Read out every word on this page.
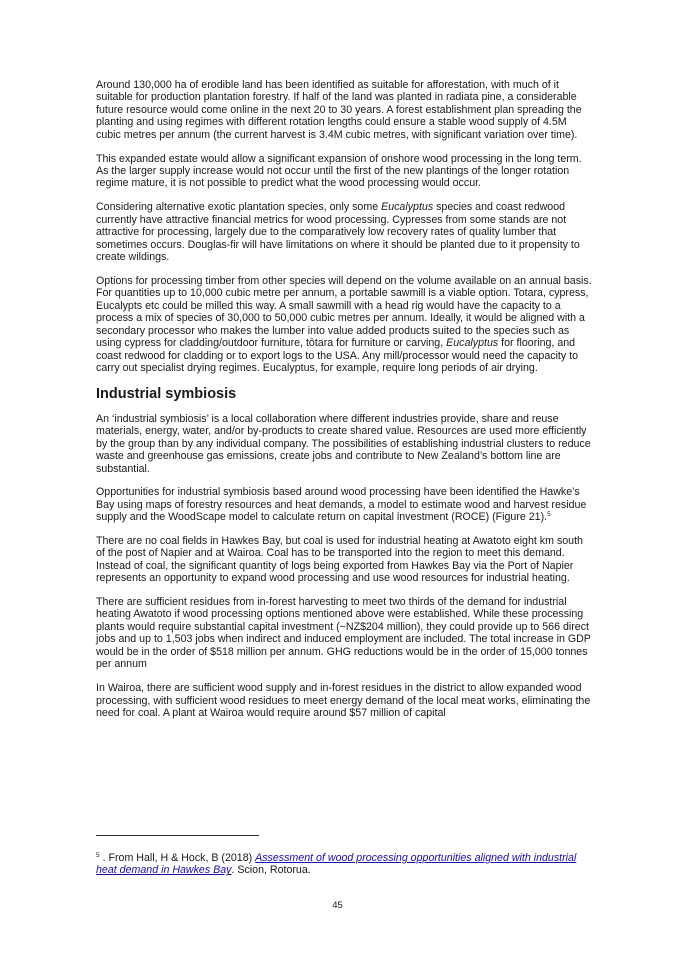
Around 130,000 ha of erodible land has been identified as suitable for afforestation, with much of it suitable for production plantation forestry. If half of the land was planted in radiata pine, a considerable future resource would come online in the next 20 to 30 years. A forest establishment plan spreading the planting and using regimes with different rotation lengths could ensure a stable wood supply of 4.5M cubic metres per annum (the current harvest is 3.4M cubic metres, with significant variation over time).

This expanded estate would allow a significant expansion of onshore wood processing in the long term. As the larger supply increase would not occur until the first of the new plantings of the longer rotation regime mature, it is not possible to predict what the wood processing would occur.

Considering alternative exotic plantation species, only some Eucalyptus species and coast redwood currently have attractive financial metrics for wood processing. Cypresses from some stands are not attractive for processing, largely due to the comparatively low recovery rates of quality lumber that sometimes occurs. Douglas-fir will have limitations on where it should be planted due to it propensity to create wildings.

Options for processing timber from other species will depend on the volume available on an annual basis. For quantities up to 10,000 cubic metre per annum, a portable sawmill is a viable option. Totara, cypress, Eucalypts etc could be milled this way. A small sawmill with a head rig would have the capacity to a process a mix of species of 30,000 to 50,000 cubic metres per annum. Ideally, it would be aligned with a secondary processor who makes the lumber into value added products suited to the species such as using cypress for cladding/outdoor furniture, tōtara for furniture or carving, Eucalyptus for flooring, and coast redwood for cladding or to export logs to the USA. Any mill/processor would need the capacity to carry out specialist drying regimes. Eucalyptus, for example, require long periods of air drying.

Industrial symbiosis

An ‘industrial symbiosis’ is a local collaboration where different industries provide, share and reuse materials, energy, water, and/or by-products to create shared value. Resources are used more efficiently by the group than by any individual company. The possibilities of establishing industrial clusters to reduce waste and greenhouse gas emissions, create jobs and contribute to New Zealand’s bottom line are substantial.

Opportunities for industrial symbiosis based around wood processing have been identified the Hawke’s Bay using maps of forestry resources and heat demands, a model to estimate wood and harvest residue supply and the WoodScape model to calculate return on capital investment (ROCE) (Figure 21).$^5$

There are no coal fields in Hawkes Bay, but coal is used for industrial heating at Awatoto eight km south of the post of Napier and at Wairoa. Coal has to be transported into the region to meet this demand. Instead of coal, the significant quantity of logs being exported from Hawkes Bay via the Port of Napier represents an opportunity to expand wood processing and use wood resources for industrial heating.

There are sufficient residues from in-forest harvesting to meet two thirds of the demand for industrial heating Awatoto if wood processing options mentioned above were established. While these processing plants would require substantial capital investment (~NZ$204 million), they could provide up to 566 direct jobs and up to 1,503 jobs when indirect and induced employment are included. The total increase in GDP would be in the order of $518 million per annum. GHG reductions would be in the order of 15,000 tonnes per annum

In Wairoa, there are sufficient wood supply and in-forest residues in the district to allow expanded wood processing, with sufficient wood residues to meet energy demand of the local meat works, eliminating the need for coal. A plant at Wairoa would require around $57 million of capital

$^5$ . From Hall, H & Hock, B (2018) Assessment of wood processing opportunities aligned with industrial heat demand in Hawkes Bay. Scion, Rotorua.

45
